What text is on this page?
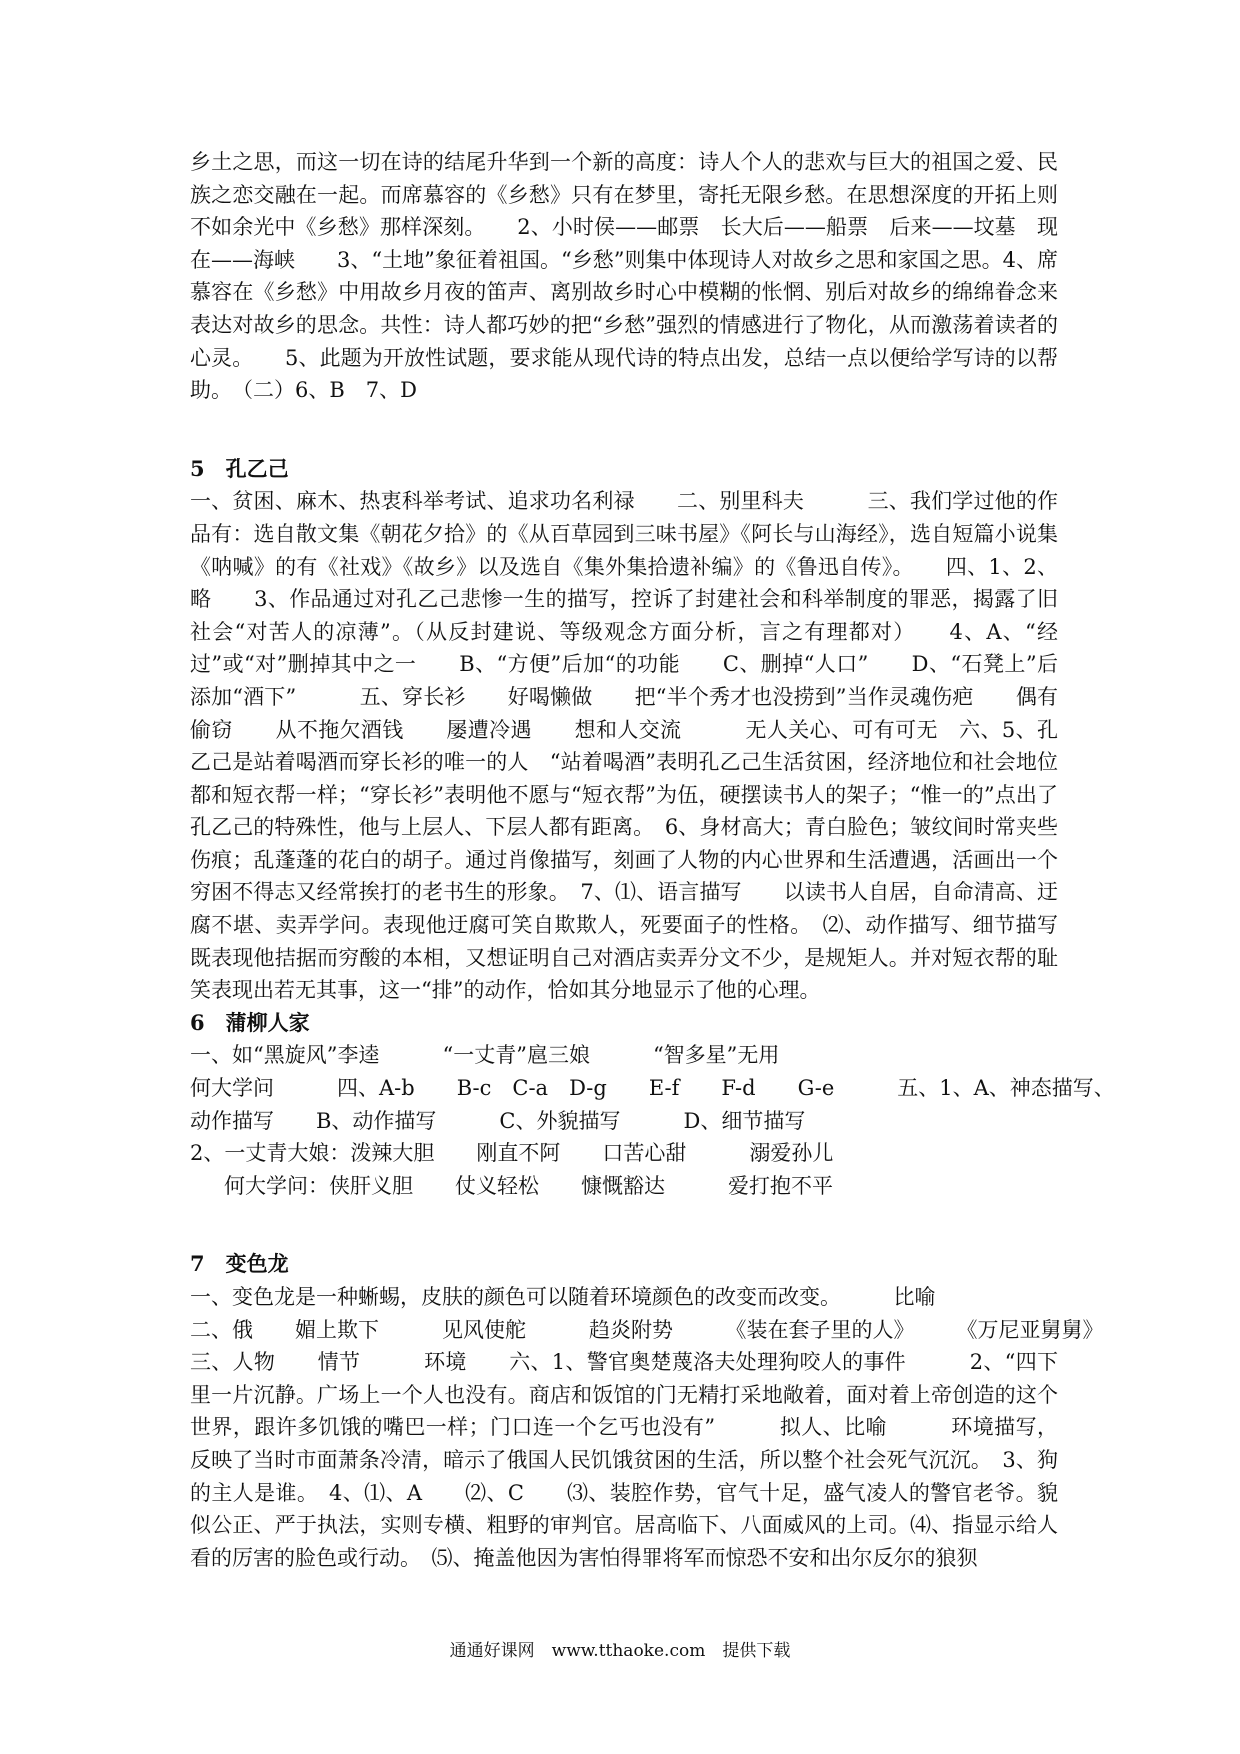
乡土之思，而这一切在诗的结尾升华到一个新的高度：诗人个人的悲欢与巨大的祖国之爱、民族之恋交融在一起。而席慕容的《乡愁》只有在梦里，寄托无限乡愁。在思想深度的开拓上则不如余光中《乡愁》那样深刻。　　2、小时侯——邮票　长大后——船票　后来——坟墓　现在——海峡　　3、“土地”象征着祖国。“乡愁”则集中体现诗人对故乡之思和家国之思。4、席慕容在《乡愁》中用故乡月夜的笛声、离别故乡时心中模糊的怅惘、别后对故乡的绵绵眷念来表达对故乡的思念。共性：诗人都巧妙的把“乡愁”强烈的情感进行了物化，从而激荡着读者的心灵。　　5、此题为开放性试题，要求能从现代诗的特点出发，总结一点以便给学写诗的以帮助。　（二）6、B　7、D

5　孔乙己

一、贫困、麻木、热衷科举考试、追求功名利禄　　二、别里科夫　　　三、我们学过他的作品有：选自散文集《朝花夕拾》的《从百草园到三味书屋》《阿长与山海经》，选自短篇小说集《呐喊》的有《社戏》《故乡》以及选自《集外集拾遗补编》的《鲁迅自传》。　　四、1、2、略　　3、作品通过对孔乙己悲惨一生的描写，控诉了封建社会和科举制度的罪恶，揭露了旧社会“对苦人的凉薄”。（从反封建说、等级观念方面分析，言之有理都对）　　4、A、“经过”或“对”删掉其中之一　　B、“方便”后加“的功能　　C、删掉“人口”　　D、“石凳上”后添加“酒下”　　　五、穿长衫　　好喝懒做　　把“半个秀才也没捞到”当作灵魂伤疤　　偶有偷窃　　从不拖欠酒钱　　屡遭冷遇　　想和人交流　　　无人关心、可有可无　六、5、孔乙己是站着喝酒而穿长衫的唯一的人　“站着喝酒”表明孔乙己生活贫困，经济地位和社会地位都和短衣帮一样；“穿长衫”表明他不愿与“短衣帮”为伍，硬摆读书人的架子；“惟一的”点出了孔乙己的特殊性，他与上层人、下层人都有距离。　6、身材高大；青白脸色；皱纹间时常夹些伤痕；乱蓬蓬的花白的胡子。通过肖像描写，刻画了人物的内心世界和生活遭遇，活画出一个穷困不得志又经常挨打的老书生的形象。　7、⑴、语言描写　　以读书人自居，自命清高、迂腐不堪、卖弄学问。表现他迂腐可笑自欺欺人，死要面子的性格。　⑵、动作描写、细节描写　　既表现他拮据而穷酸的本相，又想证明自己对酒店卖弄分文不少，是规矩人。并对短衣帮的耻笑表现出若无其事，这一“排”的动作，恰如其分地显示了他的心理。

6　蒲柳人家

一、如“黑旋风”李逵　　　“一丈青”扈三娘　　　“智多星”无用

何大学问　　　四、A-b　　B-c　C-a　D-g　　E-f　　F-d　　G-e　　　五、1、A、神态描写、

动作描写　　B、动作描写　　　C、外貌描写　　　D、细节描写

2、一丈青大娘：泼辣大胆　　刚直不阿　　口苦心甜　　　溺爱孙儿

何大学问：侠肝义胆　　仗义轻松　　慷慨豁达　　　爱打抱不平

7　变色龙

一、变色龙是一种蜥蜴，皮肤的颜色可以随着环境颜色的改变而改变。　　　比喻

二、俄　　媚上欺下　　　见风使舵　　　趋炎附势　　　《装在套子里的人》　　　《万尼亚舅舅》

三、人物　　情节　　　环境　　六、1、警官奥楚蔑洛夫处理狗咬人的事件　　　2、“四下里一片沉静。广场上一个人也没有。商店和饭馆的门无精打采地敞着，面对着上帝创造的这个世界，跟许多饥饿的嘴巴一样；门口连一个乞丐也没有”　　　拟人、比喻　　　环境描写，反映了当时市面萧条冷清，暗示了俄国人民饥饿贫困的生活，所以整个社会死气沉沉。　3、狗的主人是谁。　4、⑴、A　　⑵、C　　⑶、装腔作势，官气十足，盛气凌人的警官老爷。貌似公正、严于执法，实则专横、粗野的审判官。居高临下、八面威风的上司。⑷、指显示给人看的厉害的脸色或行动。　⑸、掩盖他因为害怕得罪将军而惊恐不安和出尔反尔的狼狈

通通好课网　www.tthaoke.com　提供下载
